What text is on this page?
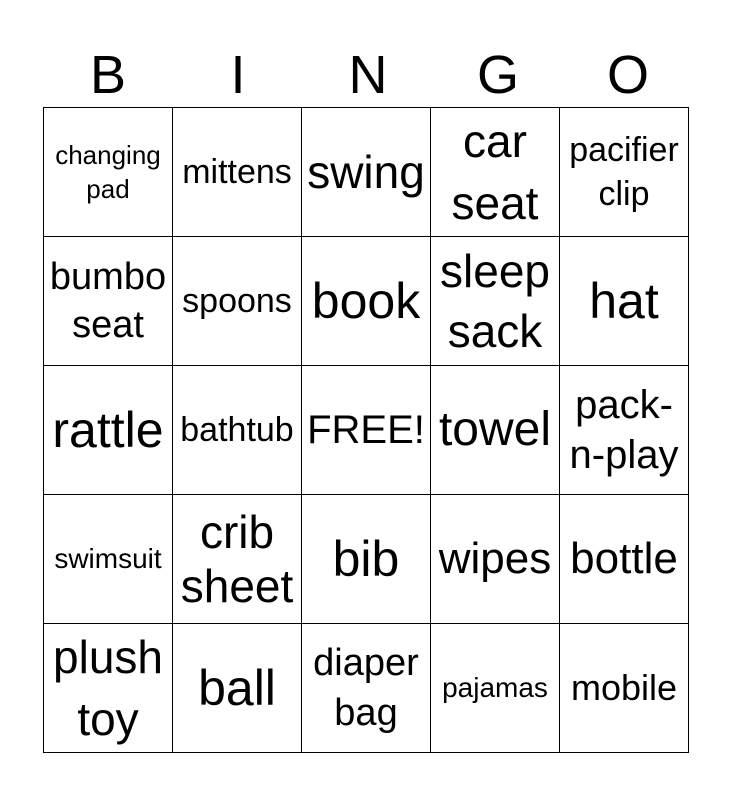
B	I	N	G	O
changing pad	mittens	swing	car seat	pacifier clip

bumbo seat	spoons	book	sleep sack	hat

rattle	bathtub	FREE!	towel	pack-n-play

swimsuit	crib sheet	bib	wipes	bottle

plush toy	ball	diaper bag	pajamas	mobile
